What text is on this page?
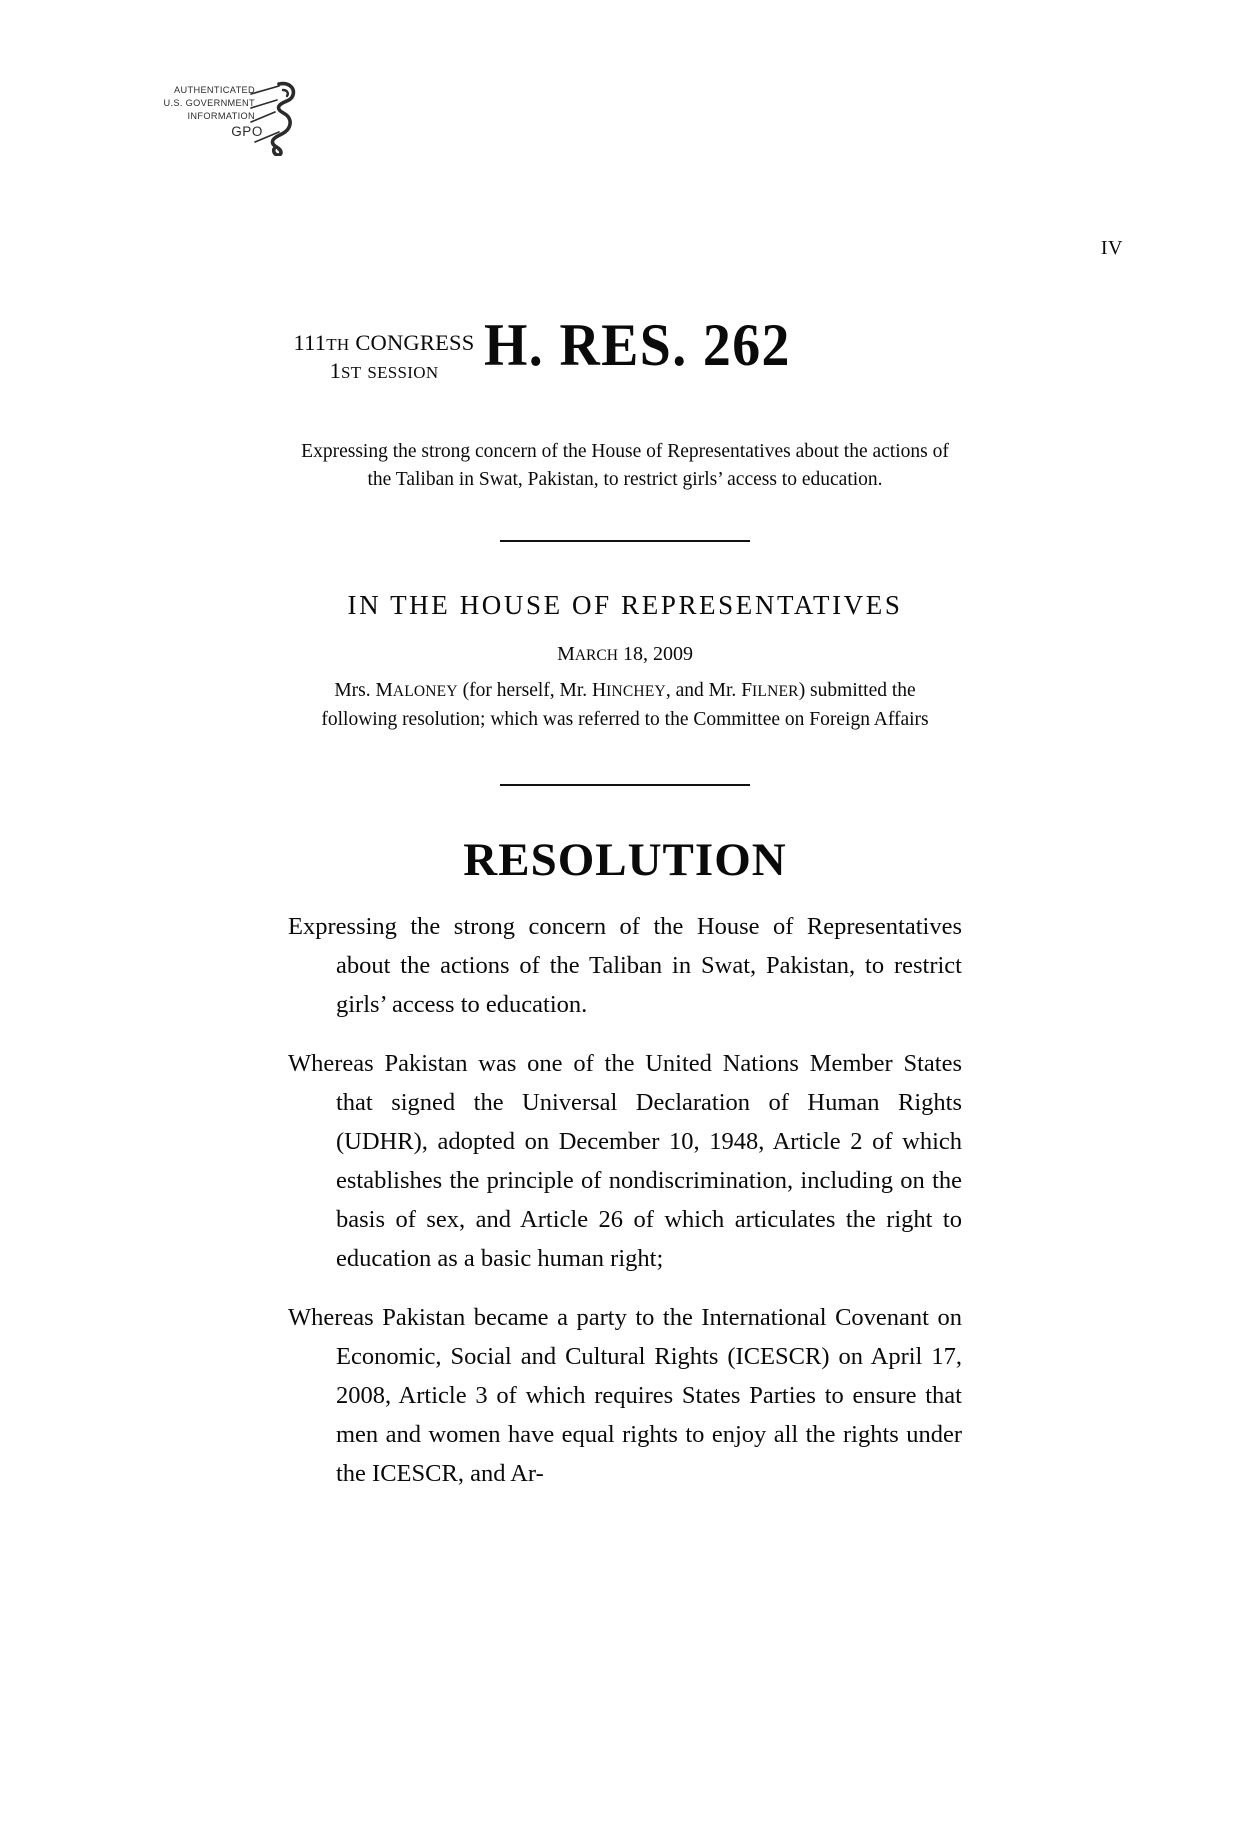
AUTHENTICATED
U.S. GOVERNMENT
INFORMATION
GPO
IV
111TH CONGRESS
1ST SESSION H. RES. 262
Expressing the strong concern of the House of Representatives about the actions of the Taliban in Swat, Pakistan, to restrict girls’ access to education.
IN THE HOUSE OF REPRESENTATIVES
MARCH 18, 2009
Mrs. MALONEY (for herself, Mr. HINCHEY, and Mr. FILNER) submitted the following resolution; which was referred to the Committee on Foreign Affairs
RESOLUTION

Expressing the strong concern of the House of Representatives about the actions of the Taliban in Swat, Pakistan, to restrict girls’ access to education.

Whereas Pakistan was one of the United Nations Member States that signed the Universal Declaration of Human Rights (UDHR), adopted on December 10, 1948, Article 2 of which establishes the principle of nondiscrimination, including on the basis of sex, and Article 26 of which articulates the right to education as a basic human right;

Whereas Pakistan became a party to the International Covenant on Economic, Social and Cultural Rights (ICESCR) on April 17, 2008, Article 3 of which requires States Parties to ensure that men and women have equal rights to enjoy all the rights under the ICESCR, and Ar-
